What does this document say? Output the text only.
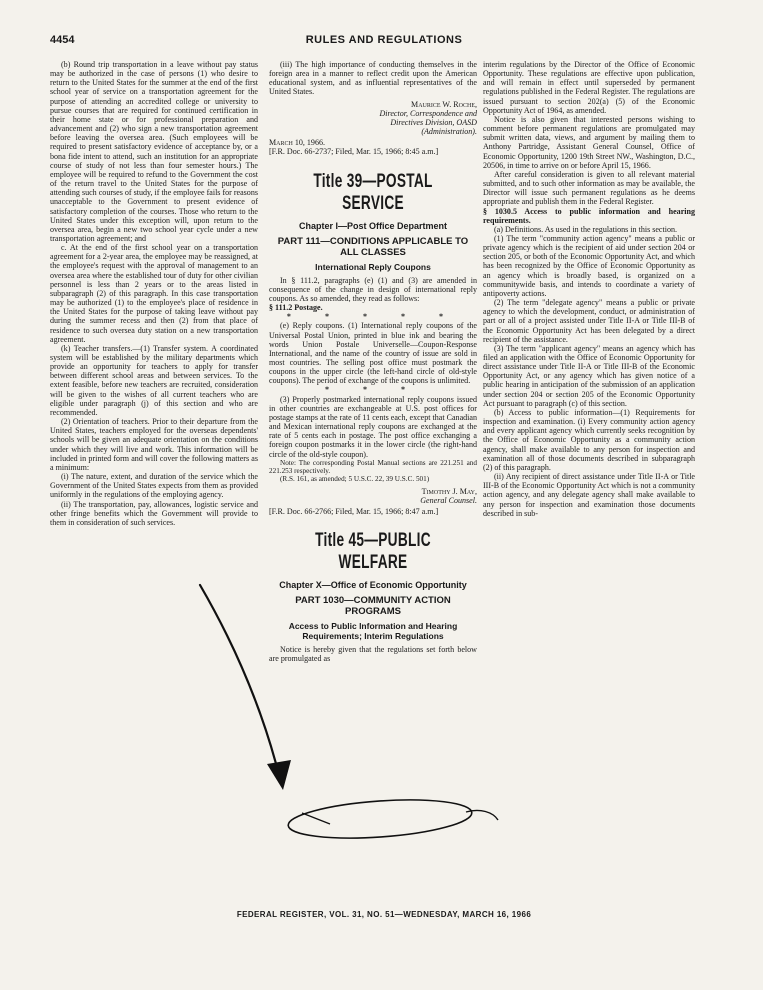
4454	RULES AND REGULATIONS

(b) Round trip transportation in a leave without pay status may be authorized in the case of persons (1) who desire to return to the United States for the summer at the end of the first school year of service on a transportation agreement for the purpose of attending an accredited college or university to pursue courses that are required for continued certification in their home state or for professional preparation and advancement and (2) who sign a new transportation agreement before leaving the oversea area. (Such employees will be required to present satisfactory evidence of acceptance by, or a bona fide intent to attend, such an institution for an appropriate course of study of not less than four semester hours.) The employee will be required to refund to the Government the cost of the return travel to the United States for the purpose of attending such courses of study, if the employee fails for reasons unacceptable to the Government to present evidence of satisfactory completion of the courses. Those who return to the United States under this exception will, upon return to the oversea area, begin a new two school year cycle under a new transportation agreement; and

c. At the end of the first school year on a transportation agreement for a 2-year area, the employee may be reassigned, at the employee's request with the approval of management to an oversea area where the established tour of duty for other civilian personnel is less than 2 years or to the areas listed in subparagraph (2) of this paragraph. In this case transportation may be authorized (1) to the employee's place of residence in the United States for the purpose of taking leave without pay during the summer recess and then (2) from that place of residence to such oversea duty station on a new transportation agreement.

(k) Teacher transfers.—(1) Transfer system. A coordinated system will be established by the military departments which provide an opportunity for teachers to apply for transfer between different school areas and between services. To the extent feasible, before new teachers are recruited, consideration will be given to the wishes of all current teachers who are eligible under paragraph (j) of this section and who are recommended.

(2) Orientation of teachers. Prior to their departure from the United States, teachers employed for the overseas dependents' schools will be given an adequate orientation on the conditions under which they will live and work. This information will be included in printed form and will cover the following matters as a minimum:

(i) The nature, extent, and duration of the service which the Government of the United States expects from them as provided uniformly in the regulations of the employing agency.

(ii) The transportation, pay, allowances, logistic service and other fringe benefits which the Government will provide to them in consideration of such services.

(iii) The high importance of conducting themselves in the foreign area in a manner to reflect credit upon the American educational system, and as influential representatives of the United States.

Maurice W. Roche,
Director, Correspondence and
Directives Division, OASD
(Administration).

March 10, 1966.

[F.R. Doc. 66-2737; Filed, Mar. 15, 1966; 8:45 a.m.]

Title 39—POSTAL SERVICE
Chapter I—Post Office Department
PART 111—CONDITIONS APPLICABLE TO ALL CLASSES
International Reply Coupons

In § 111.2, paragraphs (e) (1) and (3) are amended in consequence of the change in design of international reply coupons. As so amended, they read as follows:

§ 111.2 Postage.

* * * * *

(e) Reply coupons. (1) International reply coupons of the Universal Postal Union, printed in blue ink and bearing the words Union Postale Universelle—Coupon-Response International, and the name of the country of issue are sold in most countries. The selling post office must postmark the coupons in the upper circle (the left-hand circle of old-style coupons). The period of exchange of the coupons is unlimited.

* * *

(3) Properly postmarked international reply coupons issued in other countries are exchangeable at U.S. post offices for postage stamps at the rate of 11 cents each, except that Canadian and Mexican international reply coupons are exchanged at the rate of 5 cents each in postage. The post office exchanging a foreign coupon postmarks it in the lower circle (the right-hand circle of the old-style coupon).

Note: The corresponding Postal Manual sections are 221.251 and 221.253 respectively.

(R.S. 161, as amended; 5 U.S.C. 22, 39 U.S.C. 501)

Timothy J. May,
General Counsel.

[F.R. Doc. 66-2766; Filed, Mar. 15, 1966; 8:47 a.m.]

Title 45—PUBLIC WELFARE
Chapter X—Office of Economic Opportunity
PART 1030—COMMUNITY ACTION PROGRAMS
Access to Public Information and Hearing Requirements; Interim Regulations

Notice is hereby given that the regulations set forth below are promulgated as

interim regulations by the Director of the Office of Economic Opportunity. These regulations are effective upon publication, and will remain in effect until superseded by permanent regulations published in the Federal Register. The regulations are issued pursuant to section 202(a) (5) of the Economic Opportunity Act of 1964, as amended.

Notice is also given that interested persons wishing to comment before permanent regulations are promulgated may submit written data, views, and argument by mailing them to Anthony Partridge, Assistant General Counsel, Office of Economic Opportunity, 1200 19th Street NW., Washington, D.C., 20506, in time to arrive on or before April 15, 1966.

After careful consideration is given to all relevant material submitted, and to such other information as may be available, the Director will issue such permanent regulations as he deems appropriate and publish them in the Federal Register.

§ 1030.5 Access to public information and hearing requirements.

(a) Definitions. As used in the regulations in this section.

(1) The term "community action agency" means a public or private agency which is the recipient of aid under section 204 or section 205, or both of the Economic Opportunity Act, and which has been recognized by the Office of Economic Opportunity as an agency which is broadly based, is organized on a communitywide basis, and intends to coordinate a variety of antipoverty actions.

(2) The term "delegate agency" means a public or private agency to which the development, conduct, or administration of part or all of a project assisted under Title II-A or Title III-B of the Economic Opportunity Act has been delegated by a direct recipient of the assistance.

(3) The term "applicant agency" means an agency which has filed an application with the Office of Economic Opportunity for direct assistance under Title II-A or Title III-B of the Economic Opportunity Act, or any agency which has given notice of a public hearing in anticipation of the submission of an application under section 204 or section 205 of the Economic Opportunity Act pursuant to paragraph (c) of this section.

(b) Access to public information—(1) Requirements for inspection and examination. (i) Every community action agency and every applicant agency which currently seeks recognition by the Office of Economic Opportunity as a community action agency, shall make available to any person for inspection and examination all of those documents described in subparagraph (2) of this paragraph.

(ii) Any recipient of direct assistance under Title II-A or Title III-B of the Economic Opportunity Act which is not a community action agency, and any delegate agency shall make available to any person for inspection and examination those documents described in sub-

FEDERAL REGISTER, VOL. 31, NO. 51—WEDNESDAY, MARCH 16, 1966
